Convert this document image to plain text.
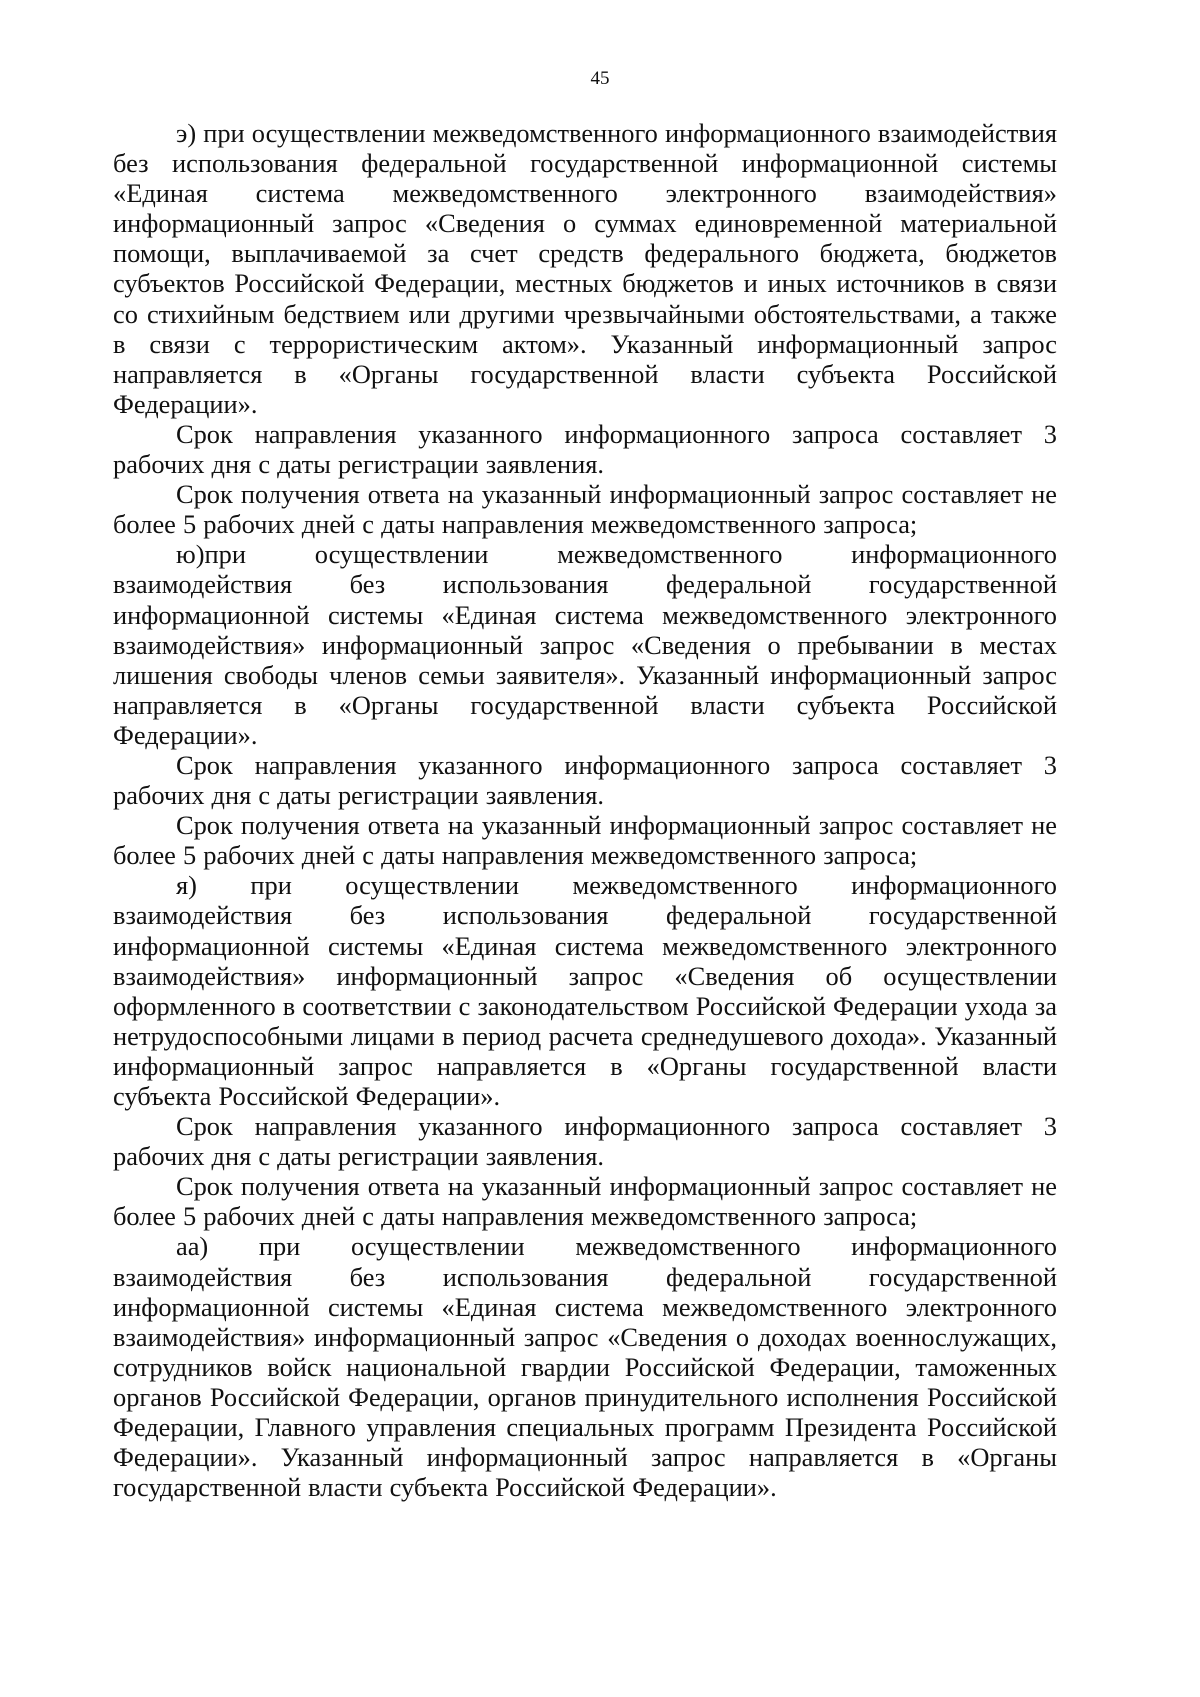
45

э) при осуществлении межведомственного информационного взаимодействия без использования федеральной государственной информационной системы «Единая система межведомственного электронного взаимодействия» информационный запрос «Сведения о суммах единовременной материальной помощи, выплачиваемой за счет средств федерального бюджета, бюджетов субъектов Российской Федерации, местных бюджетов и иных источников в связи со стихийным бедствием или другими чрезвычайными обстоятельствами, а также в связи с террористическим актом». Указанный информационный запрос направляется в «Органы государственной власти субъекта Российской Федерации».

Срок направления указанного информационного запроса составляет 3 рабочих дня с даты регистрации заявления.

Срок получения ответа на указанный информационный запрос составляет не более 5 рабочих дней с даты направления межведомственного запроса;

ю)при осуществлении межведомственного информационного взаимодействия без использования федеральной государственной информационной системы «Единая система межведомственного электронного взаимодействия» информационный запрос «Сведения о пребывании в местах лишения свободы членов семьи заявителя». Указанный информационный запрос направляется в «Органы государственной власти субъекта Российской Федерации».

Срок направления указанного информационного запроса составляет 3 рабочих дня с даты регистрации заявления.

Срок получения ответа на указанный информационный запрос составляет не более 5 рабочих дней с даты направления межведомственного запроса;

я) при осуществлении межведомственного информационного взаимодействия без использования федеральной государственной информационной системы «Единая система межведомственного электронного взаимодействия» информационный запрос «Сведения об осуществлении оформленного в соответствии с законодательством Российской Федерации ухода за нетрудоспособными лицами в период расчета среднедушевого дохода». Указанный информационный запрос направляется в «Органы государственной власти субъекта Российской Федерации».

Срок направления указанного информационного запроса составляет 3 рабочих дня с даты регистрации заявления.

Срок получения ответа на указанный информационный запрос составляет не более 5 рабочих дней с даты направления межведомственного запроса;

аа) при осуществлении межведомственного информационного взаимодействия без использования федеральной государственной информационной системы «Единая система межведомственного электронного взаимодействия» информационный запрос «Сведения о доходах военнослужащих, сотрудников войск национальной гвардии Российской Федерации, таможенных органов Российской Федерации, органов принудительного исполнения Российской Федерации, Главного управления специальных программ Президента Российской Федерации». Указанный информационный запрос направляется в «Органы государственной власти субъекта Российской Федерации».
